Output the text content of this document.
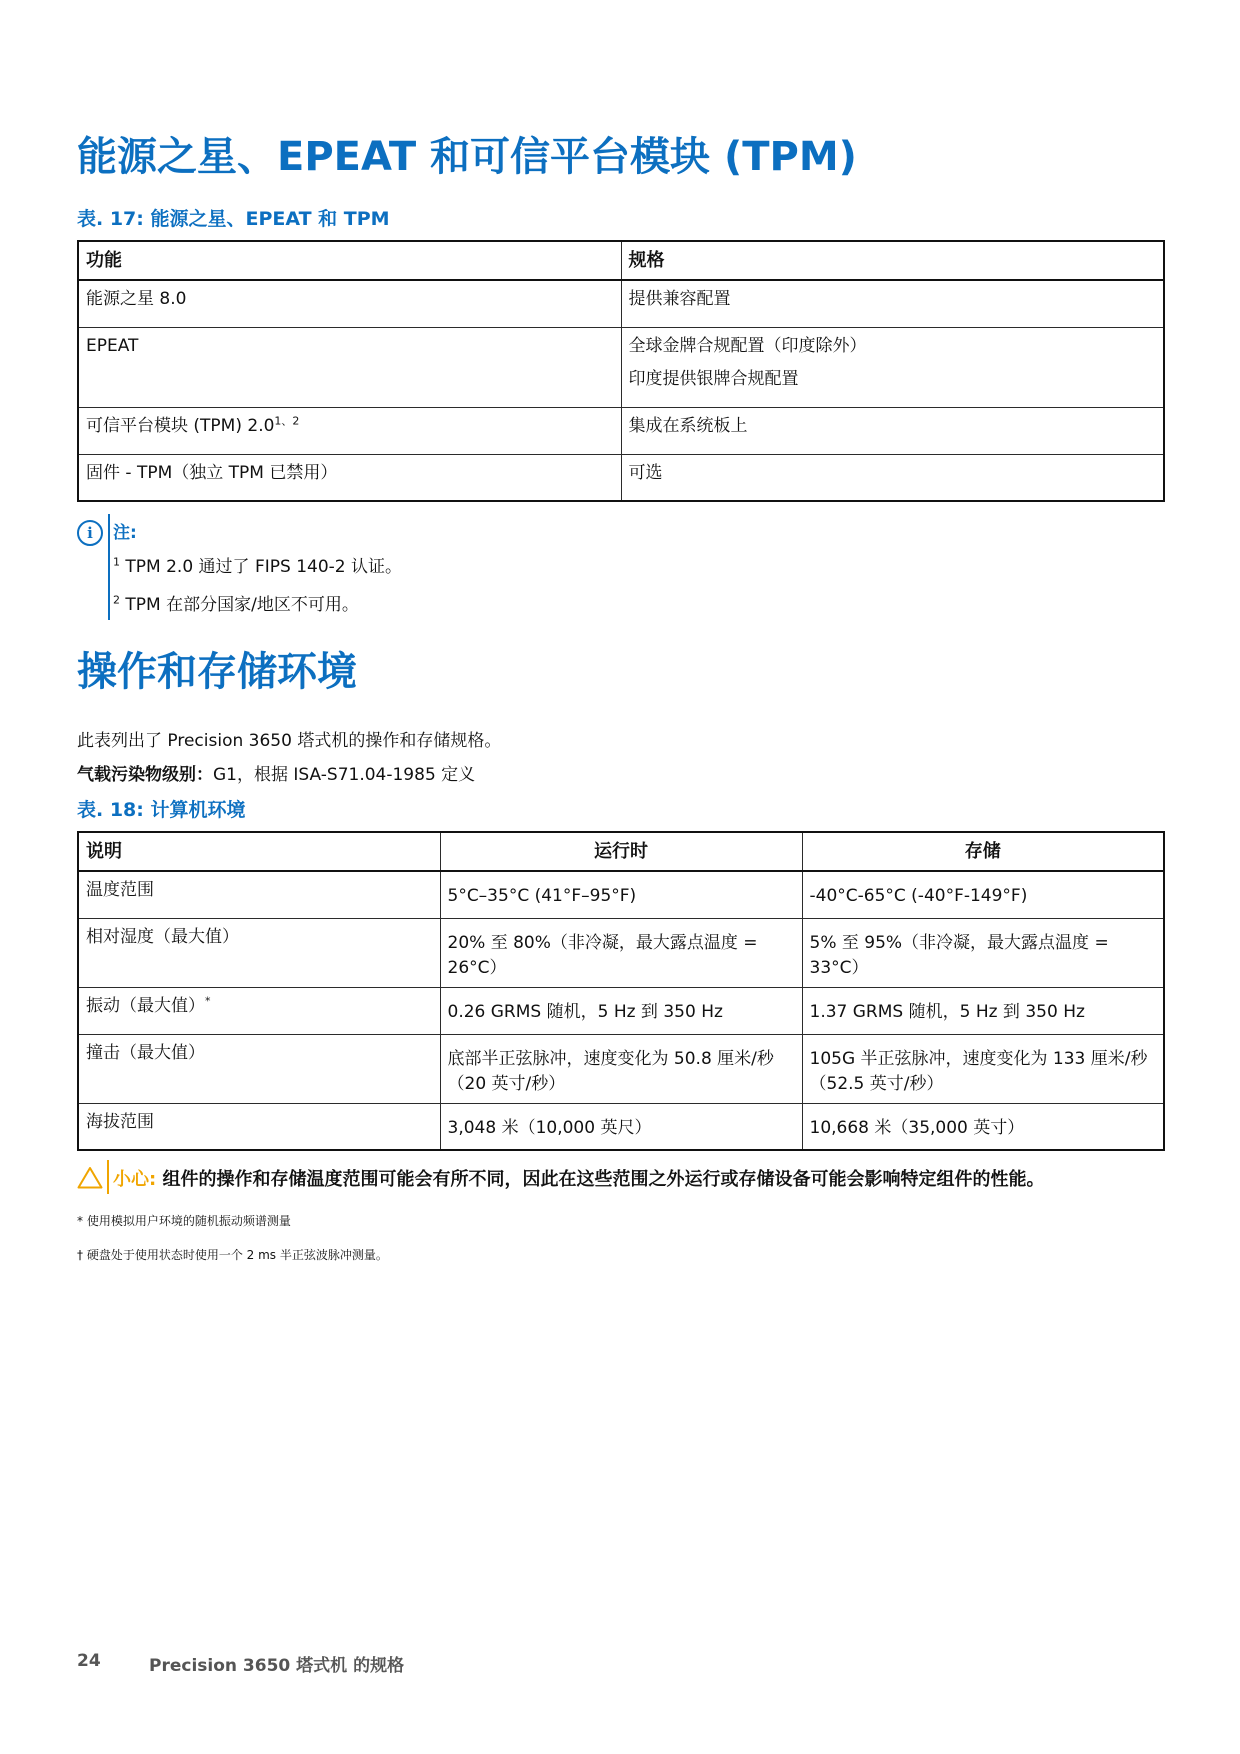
能源之星、EPEAT 和可信平台模块 (TPM)
表. 17: 能源之星、EPEAT 和 TPM
功能	规格
能源之星 8.0	提供兼容配置

EPEAT	全球金牌合规配置（印度除外）
印度提供银牌合规配置

可信平台模块 (TPM) $2.0^{1、2}$	集成在系统板上

固件 - TPM（独立 TPM 已禁用）	可选
i	注:
$^1$ TPM 2.0 通过了 FIPS 140-2 认证。
$^2$ TPM 在部分国家/地区不可用。
操作和存储环境
此表列出了 Precision 3650 塔式机的操作和存储规格。
气载污染物级别：G1，根据 ISA-S71.04-1985 定义
表. 18: 计算机环境
说明	运行时	存储
温度范围	5°C–35°C (41°F–95°F)	-40°C-65°C (-40°F-149°F)
相对湿度（最大值）	20% 至 80%（非冷凝，最大露点温度 = 26°C）	5% 至 95%（非冷凝，最大露点温度 = 33°C）
振动（最大值）*	0.26 GRMS 随机，5 Hz 到 350 Hz	1.37 GRMS 随机，5 Hz 到 350 Hz
撞击（最大值）	底部半正弦脉冲，速度变化为 50.8 厘米/秒（20 英寸/秒）	105G 半正弦脉冲，速度变化为 133 厘米/秒（52.5 英寸/秒）
海拔范围	3,048 米（10,000 英尺）	10,668 米（35,000 英寸）
小心: 组件的操作和存储温度范围可能会有所不同，因此在这些范围之外运行或存储设备可能会影响特定组件的性能。
* 使用模拟用户环境的随机振动频谱测量
† 硬盘处于使用状态时使用一个 2 ms 半正弦波脉冲测量。
24	Precision 3650 塔式机 的规格
